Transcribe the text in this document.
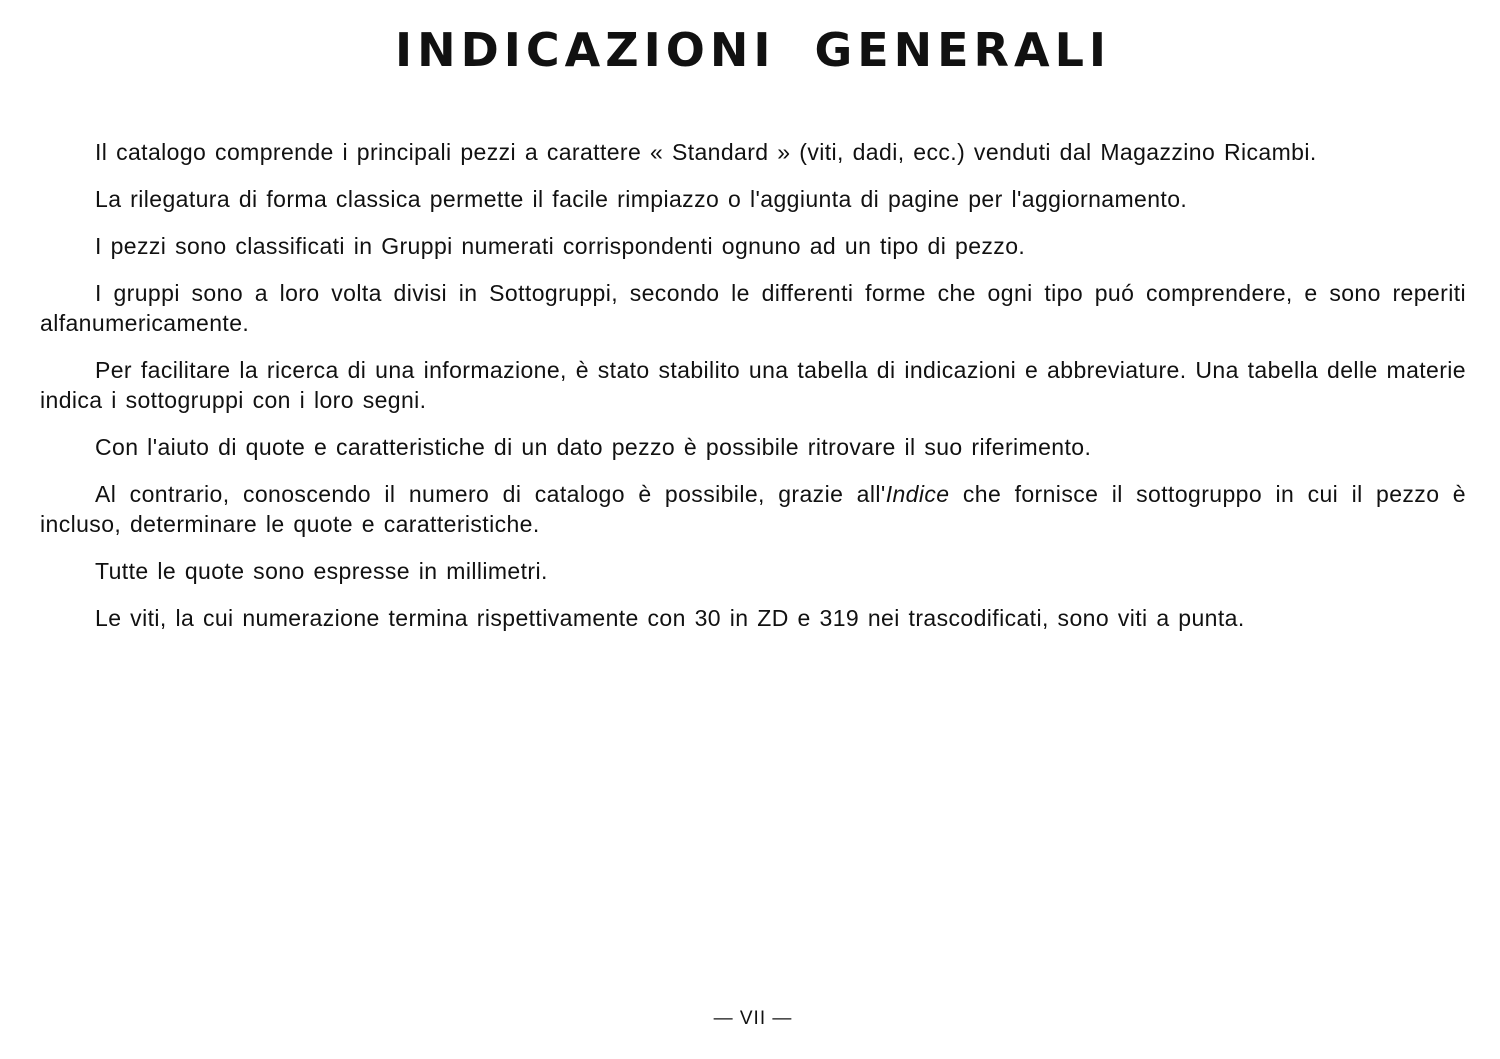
INDICAZIONI GENERALI

Il catalogo comprende i principali pezzi a carattere « Standard » (viti, dadi, ecc.) venduti dal Magazzino Ricambi.

La rilegatura di forma classica permette il facile rimpiazzo o l'aggiunta di pagine per l'aggiornamento.

I pezzi sono classificati in Gruppi numerati corrispondenti ognuno ad un tipo di pezzo.

I gruppi sono a loro volta divisi in Sottogruppi, secondo le differenti forme che ogni tipo puó comprendere, e sono reperiti alfanumericamente.

Per facilitare la ricerca di una informazione, è stato stabilito una tabella di indicazioni e abbreviature. Una tabella delle materie indica i sottogruppi con i loro segni.

Con l'aiuto di quote e caratteristiche di un dato pezzo è possibile ritrovare il suo riferimento.

Al contrario, conoscendo il numero di catalogo è possibile, grazie all'Indice che fornisce il sottogruppo in cui il pezzo è incluso, determinare le quote e caratteristiche.

Tutte le quote sono espresse in millimetri.

Le viti, la cui numerazione termina rispettivamente con 30 in ZD e 319 nei trascodificati, sono viti a punta.

— VII —
